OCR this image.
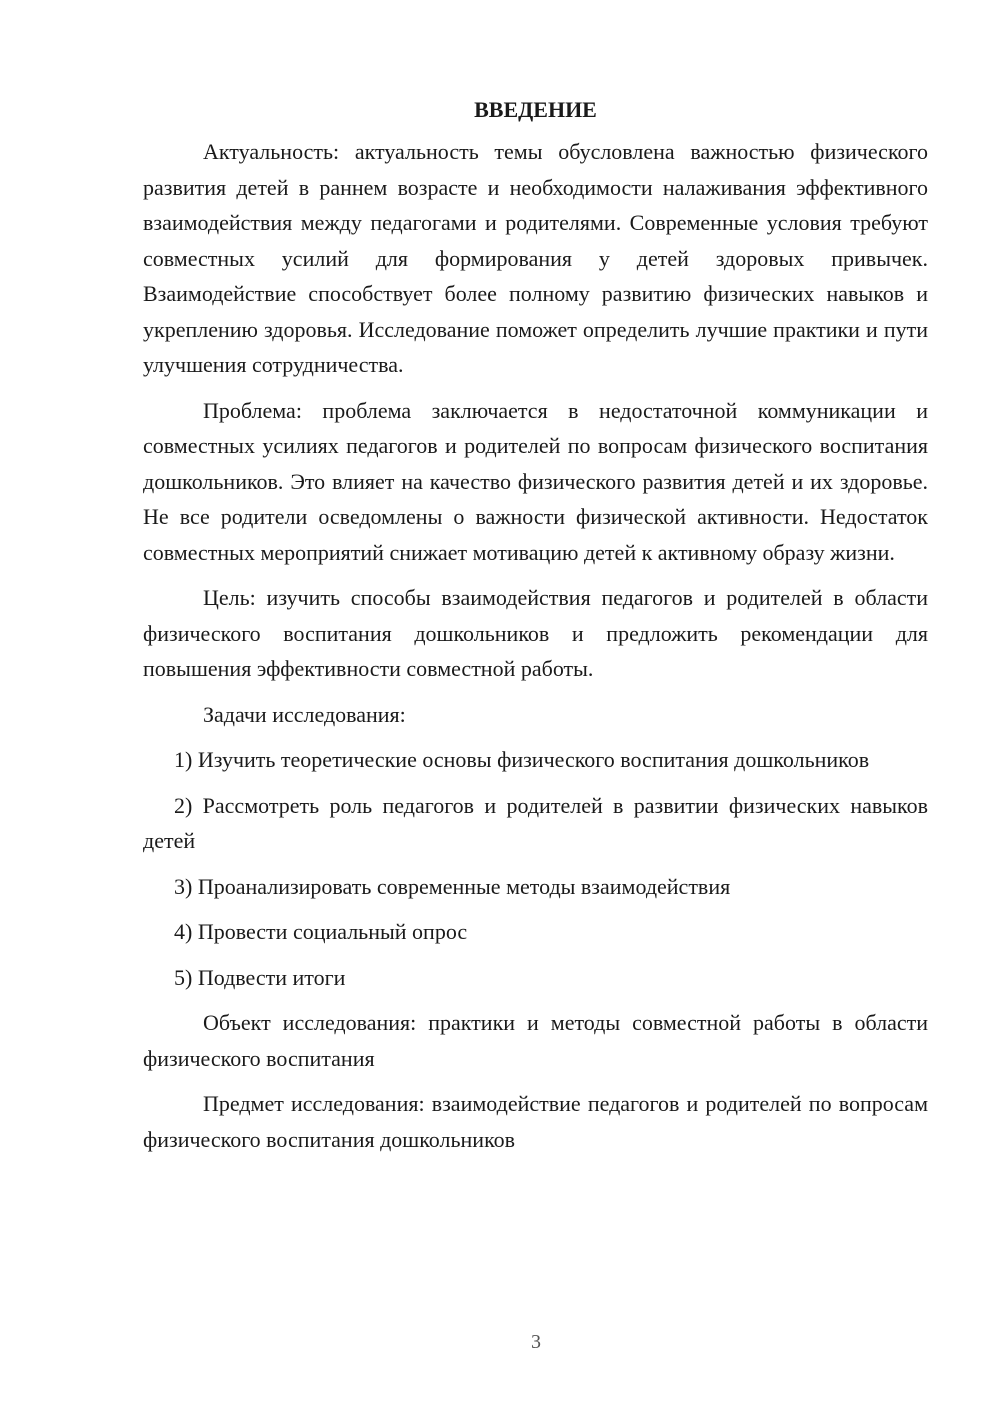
ВВЕДЕНИЕ

Актуальность: актуальность темы обусловлена важностью физического развития детей в раннем возрасте и необходимости налаживания эффективного взаимодействия между педагогами и родителями. Современные условия требуют совместных усилий для формирования у детей здоровых привычек. Взаимодействие способствует более полному развитию физических навыков и укреплению здоровья. Исследование поможет определить лучшие практики и пути улучшения сотрудничества.

Проблема: проблема заключается в недостаточной коммуникации и совместных усилиях педагогов и родителей по вопросам физического воспитания дошкольников. Это влияет на качество физического развития детей и их здоровье. Не все родители осведомлены о важности физической активности. Недостаток совместных мероприятий снижает мотивацию детей к активному образу жизни.

Цель: изучить способы взаимодействия педагогов и родителей в области физического воспитания дошкольников и предложить рекомендации для повышения эффективности совместной работы.

Задачи исследования:

1) Изучить теоретические основы физического воспитания дошкольников

2) Рассмотреть роль педагогов и родителей в развитии физических навыков детей

3) Проанализировать современные методы взаимодействия

4) Провести социальный опрос

5) Подвести итоги

Объект исследования: практики и методы совместной работы в области физического воспитания

Предмет исследования: взаимодействие педагогов и родителей по вопросам физического воспитания дошкольников

3
